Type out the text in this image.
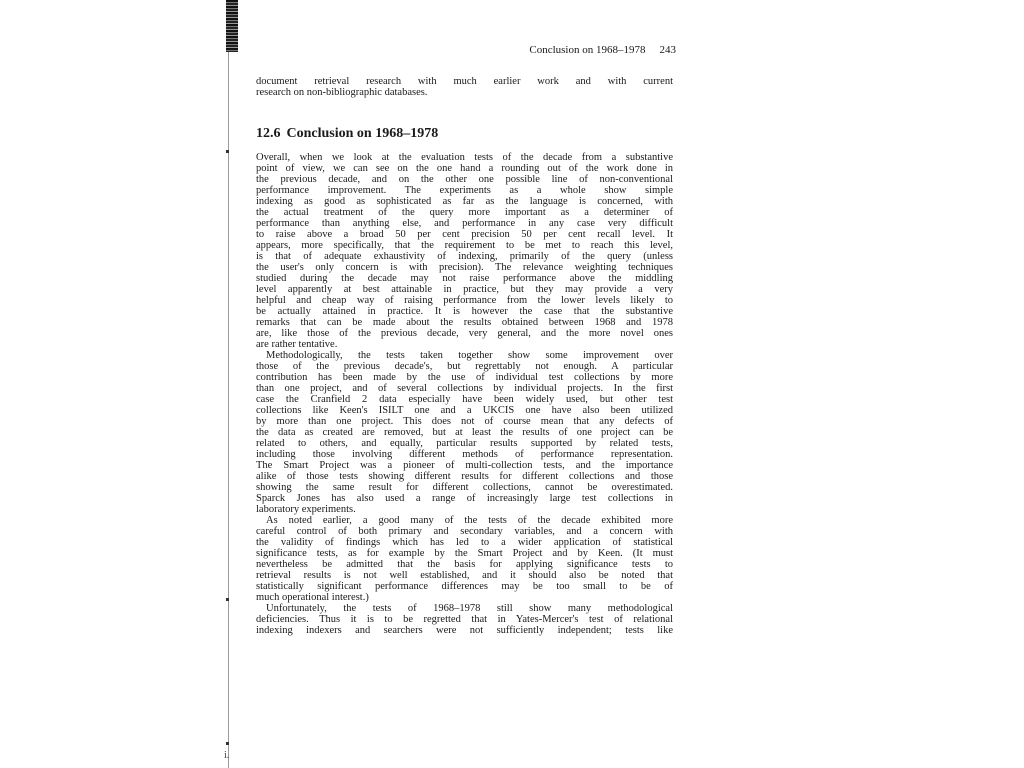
i.
Conclusion on 1968–1978 243
document retrieval research with much earlier work and with current
research on non-bibliographic databases.
12.6 Conclusion on 1968–1978
Overall, when we look at the evaluation tests of the decade from a substantive
point of view, we can see on the one hand a rounding out of the work done in
the previous decade, and on the other one possible line of non-conventional
performance improvement. The experiments as a whole show simple
indexing as good as sophisticated as far as the language is concerned, with
the actual treatment of the query more important as a determiner of
performance than anything else, and performance in any case very difficult
to raise above a broad 50 per cent precision 50 per cent recall level. It
appears, more specifically, that the requirement to be met to reach this level,
is that of adequate exhaustivity of indexing, primarily of the query (unless
the user's only concern is with precision). The relevance weighting techniques
studied during the decade may not raise performance above the middling
level apparently at best attainable in practice, but they may provide a very
helpful and cheap way of raising performance from the lower levels likely to
be actually attained in practice. It is however the case that the substantive
remarks that can be made about the results obtained between 1968 and 1978
are, like those of the previous decade, very general, and the more novel ones
are rather tentative.
Methodologically, the tests taken together show some improvement over
those of the previous decade's, but regrettably not enough. A particular
contribution has been made by the use of individual test collections by more
than one project, and of several collections by individual projects. In the first
case the Cranfield 2 data especially have been widely used, but other test
collections like Keen's ISILT one and a UKCIS one have also been utilized
by more than one project. This does not of course mean that any defects of
the data as created are removed, but at least the results of one project can be
related to others, and equally, particular results supported by related tests,
including those involving different methods of performance representation.
The Smart Project was a pioneer of multi-collection tests, and the importance
alike of those tests showing different results for different collections and those
showing the same result for different collections, cannot be overestimated.
Sparck Jones has also used a range of increasingly large test collections in
laboratory experiments.
As noted earlier, a good many of the tests of the decade exhibited more
careful control of both primary and secondary variables, and a concern with
the validity of findings which has led to a wider application of statistical
significance tests, as for example by the Smart Project and by Keen. (It must
nevertheless be admitted that the basis for applying significance tests to
retrieval results is not well established, and it should also be noted that
statistically significant performance differences may be too small to be of
much operational interest.)
Unfortunately, the tests of 1968–1978 still show many methodological
deficiencies. Thus it is to be regretted that in Yates-Mercer's test of relational
indexing indexers and searchers were not sufficiently independent; tests like
